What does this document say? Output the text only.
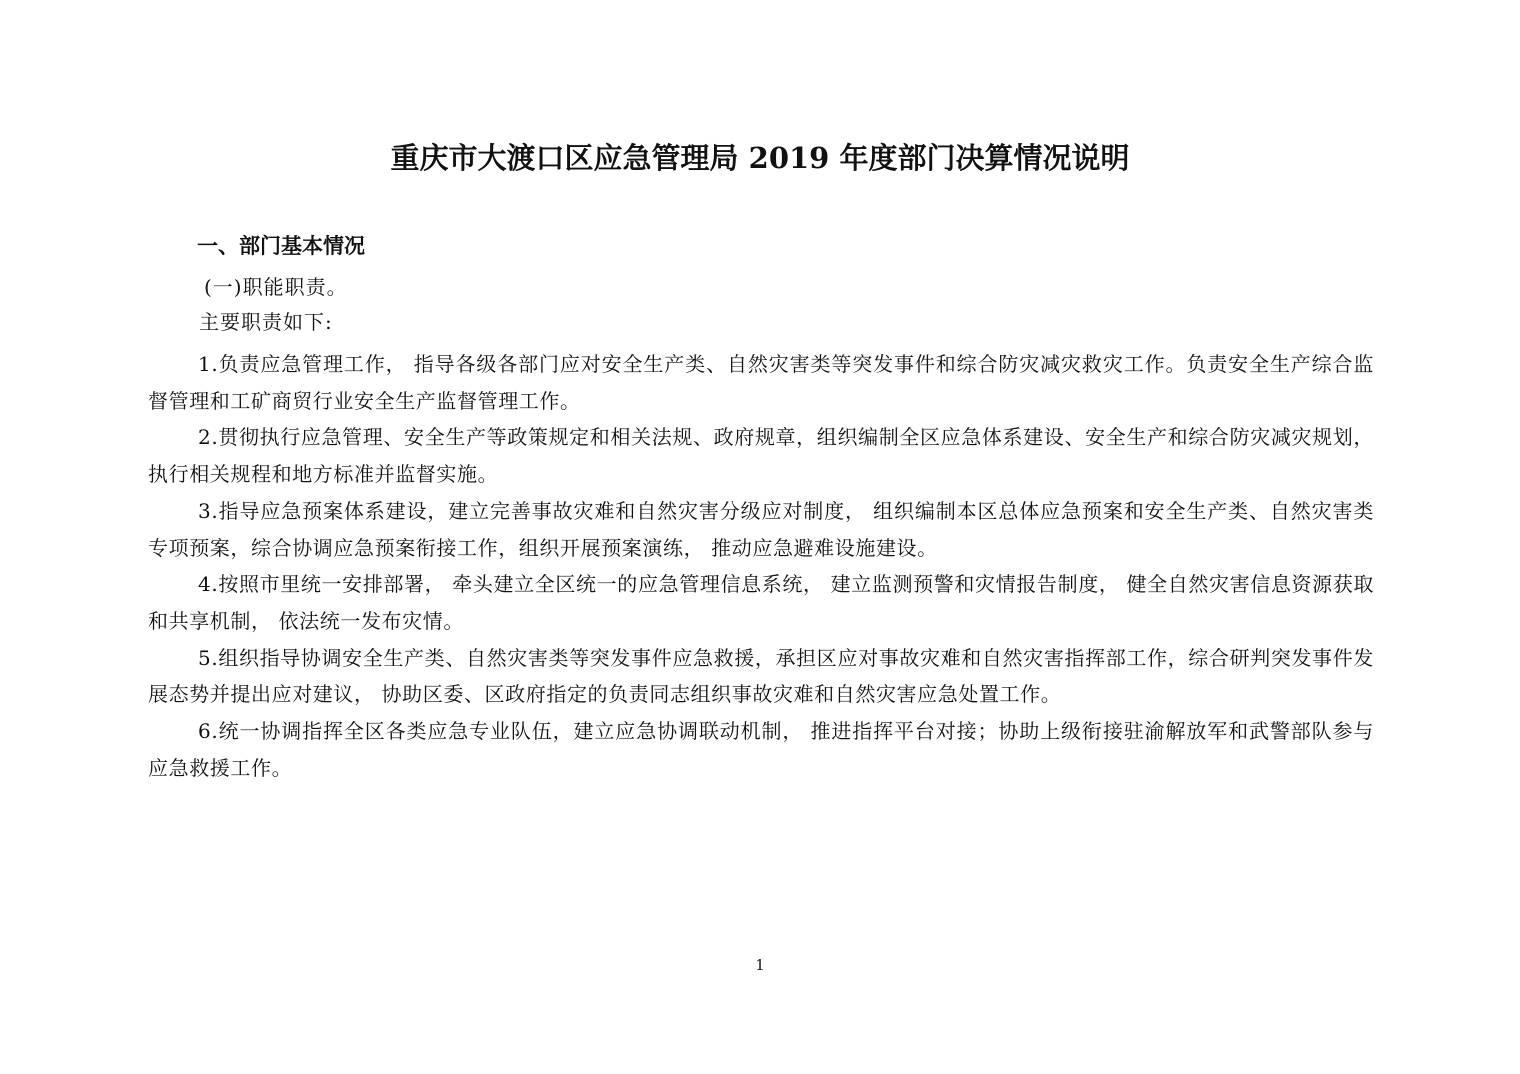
重庆市大渡口区应急管理局 2019 年度部门决算情况说明
一、部门基本情况
(一)职能职责。
主要职责如下:

1.负责应急管理工作， 指导各级各部门应对安全生产类、自然灾害类等突发事件和综合防灾减灾救灾工作。负责安全生产综合监督管理和工矿商贸行业安全生产监督管理工作。

2.贯彻执行应急管理、安全生产等政策规定和相关法规、政府规章，组织编制全区应急体系建设、安全生产和综合防灾减灾规划，执行相关规程和地方标准并监督实施。

3.指导应急预案体系建设，建立完善事故灾难和自然灾害分级应对制度， 组织编制本区总体应急预案和安全生产类、自然灾害类专项预案，综合协调应急预案衔接工作，组织开展预案演练， 推动应急避难设施建设。

4.按照市里统一安排部署， 牵头建立全区统一的应急管理信息系统， 建立监测预警和灾情报告制度， 健全自然灾害信息资源获取和共享机制， 依法统一发布灾情。

5.组织指导协调安全生产类、自然灾害类等突发事件应急救援，承担区应对事故灾难和自然灾害指挥部工作，综合研判突发事件发展态势并提出应对建议， 协助区委、区政府指定的负责同志组织事故灾难和自然灾害应急处置工作。

6.统一协调指挥全区各类应急专业队伍，建立应急协调联动机制， 推进指挥平台对接；协助上级衔接驻渝解放军和武警部队参与应急救援工作。

1
